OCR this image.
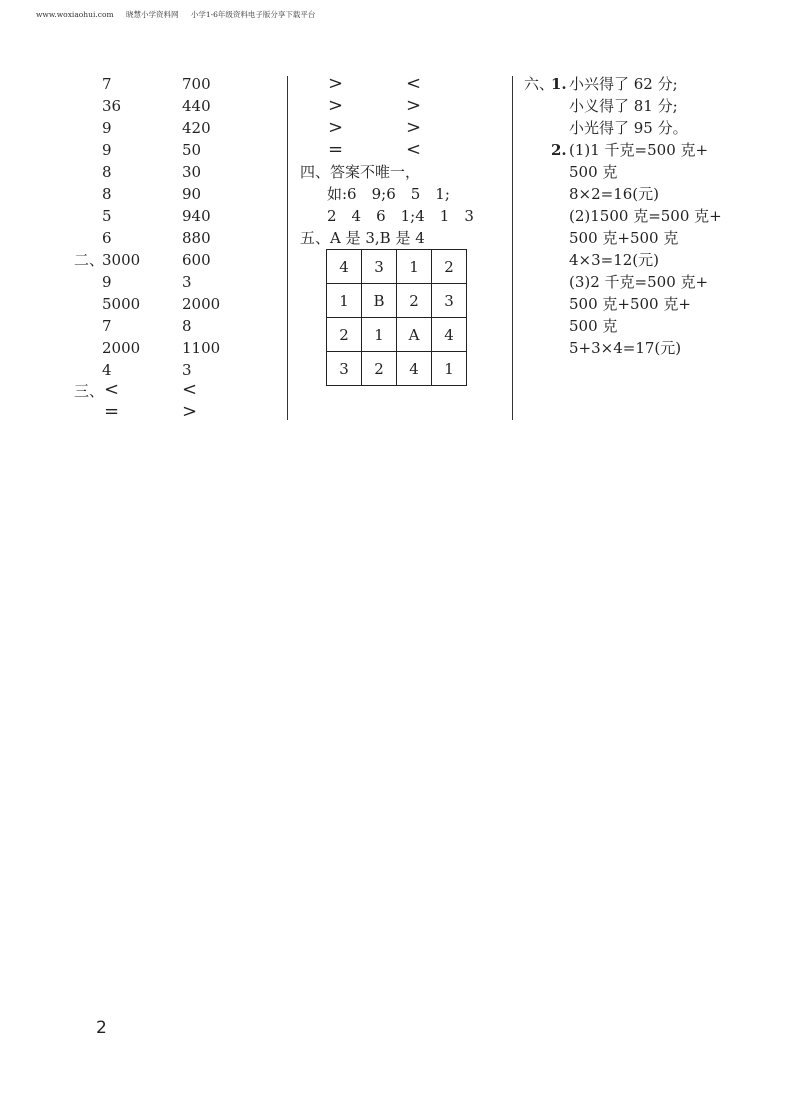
www.woxiaohui.com 晓慧小学资料网 小学1-6年级资料电子版分享下载平台
7	700
36	440
9	420
9	50
8	30
8	90
5	940
6	880
二、
3000	600
9	3
5000	2000
7	8
2000	1100
4	3
三、 <	<
=	>
>	<
>	>
>	>
=	<
四、答案不唯一，
如:6　9;6　5　1;
2　4　6　1;4　1　3
五、A 是 3,B 是 4
4	3	1	2
1	B	2	3
2	1	A	4
3	2	4	1
六、
1. 小兴得了 62 分;
小义得了 81 分;
小光得了 95 分。
2. (1)1 千克=500 克+
500 克
8×2=16(元)
(2)1500 克=500 克+
500 克+500 克
4×3=12(元)
(3)2 千克=500 克+
500 克+500 克+
500 克
5+3×4=17(元)
2
